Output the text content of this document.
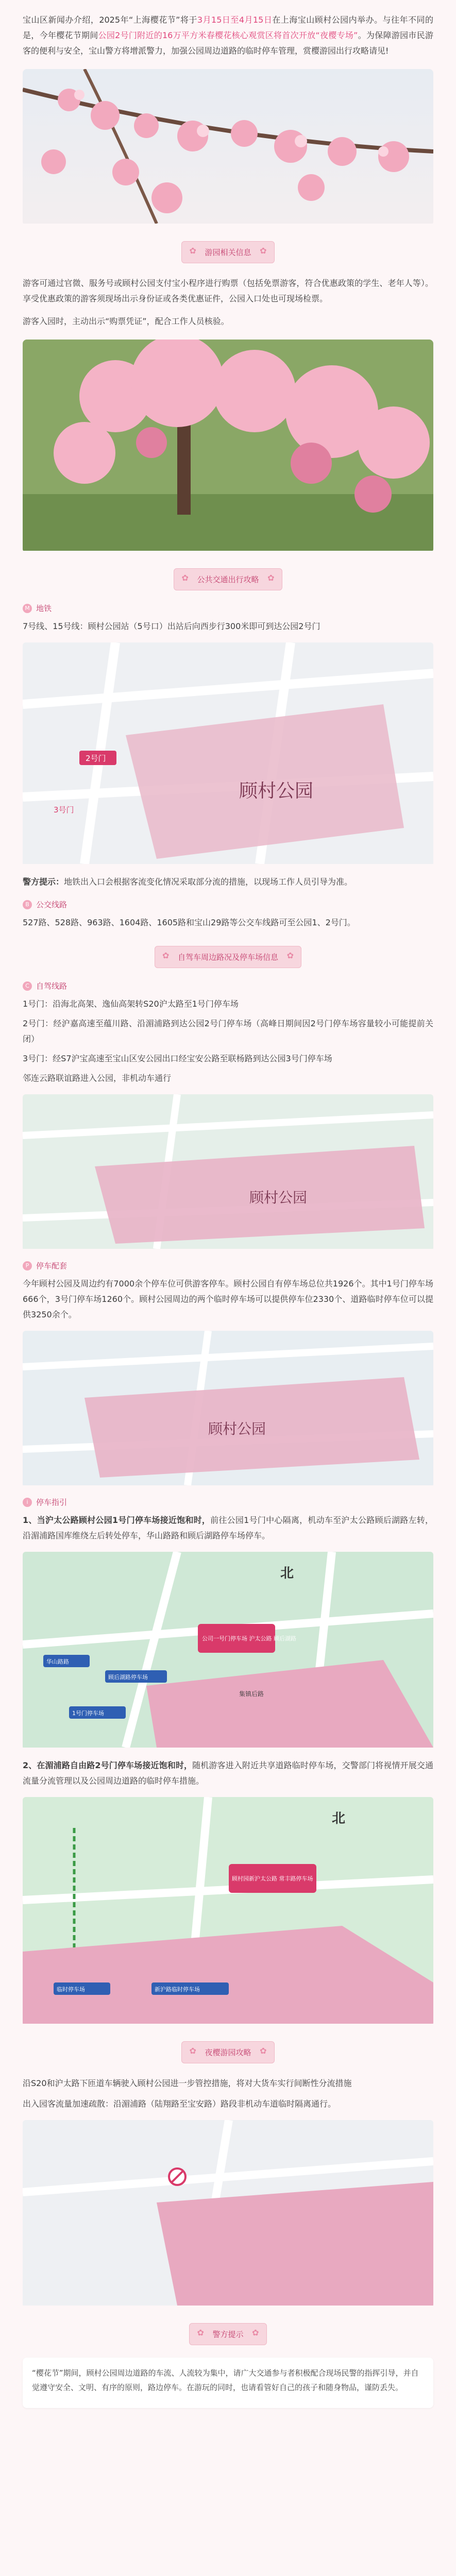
宝山区新闻办介绍，2025年“上海樱花节”将于3月15日至4月15日在上海宝山顾村公园内举办。与往年不同的是，今年樱花节期间公园2号门附近的16万平方米春樱花核心观赏区将首次开放“夜樱专场”。为保障游园市民游客的便利与安全，宝山警方将增派警力，加强公园周边道路的临时停车管理，赏樱游园出行攻略请见!

✿ 游园相关信息 ✿

游客可通过官微、服务号或顾村公园支付宝小程序进行购票（包括免票游客，符合优惠政策的学生、老年人等）。享受优惠政策的游客须现场出示身份证或各类优惠证件，公园入口处也可现场检票。

游客入园时，主动出示“购票凭证”，配合工作人员核验。

✿ 公共交通出行攻略 ✿
M 地铁

7号线、15号线：顾村公园站（5号口）出站后向西步行300米即可到达公园2号门

顾村公园
2号门
3号门

警方提示：地铁出入口会根据客流变化情况采取部分流的措施，以现场工作人员引导为准。

B 公交线路

527路、528路、963路、1604路、1605路和宝山29路等公交车线路可至公园1、2号门。

✿ 自驾车周边路况及停车场信息 ✿
C 自驾线路

1号门：沿海北高架、逸仙高架转S20沪太路至1号门停车场

2号门：经沪嘉高速至蕴川路、沿湄浦路到达公园2号门停车场（高峰日期间因2号门停车场容量较小可能提前关闭）

3号门：经S7沪宝高速至宝山区安公园出口经宝安公路至联杨路到达公园3号门停车场

邻连云路联谊路进入公园，非机动车通行

顾村公园
P 停车配套

今年顾村公园及周边约有7000余个停车位可供游客停车。顾村公园自有停车场总位共1926个。其中1号门停车场666个，3号门停车场1260个。顾村公园周边的两个临时停车场可以提供停车位2330个、道路临时停车位可以提供3250余个。

顾村公园
i	停车指引

1、当沪太公路顾村公园1号门停车场接近饱和时，前往公园1号门中心隔离，机动车至沪太公路顾后湖路左转，沿湄浦路国库维绕左后转处停车，华山路路和顾后湖路停车场停车。

北
公司一号门停车场 沪太公路 顾后湖路
华山路路
顾后湖路停车场
1号门停车场
集镇后路

2、在湄浦路自由路2号门停车场接近饱和时，随机游客进入附近共享道路临时停车场，交警部门将视情开展交通流量分流管理以及公园周边道路的临时停车措施。

北
顾村园新沪太公路 常丰路停车场
临时停车场	新沪路临时停车场
✿ 夜樱游园攻略 ✿

沿S20和沪太路下匝道车辆驶入顾村公园进一步管控措施，将对大货车实行间断性分流措施

出入园客流量加速疏散：沿湄浦路（陆翔路至宝安路）路段非机动车道临时隔离通行。

✿ 警方提示 ✿

“樱花节”期间，顾村公园周边道路的车流、人流较为集中，请广大交通参与者积极配合现场民警的指挥引导，并自觉遵守安全、文明、有序的原则，路边停车。在游玩的同时，也请看管好自己的孩子和随身物品，谨防丢失。
